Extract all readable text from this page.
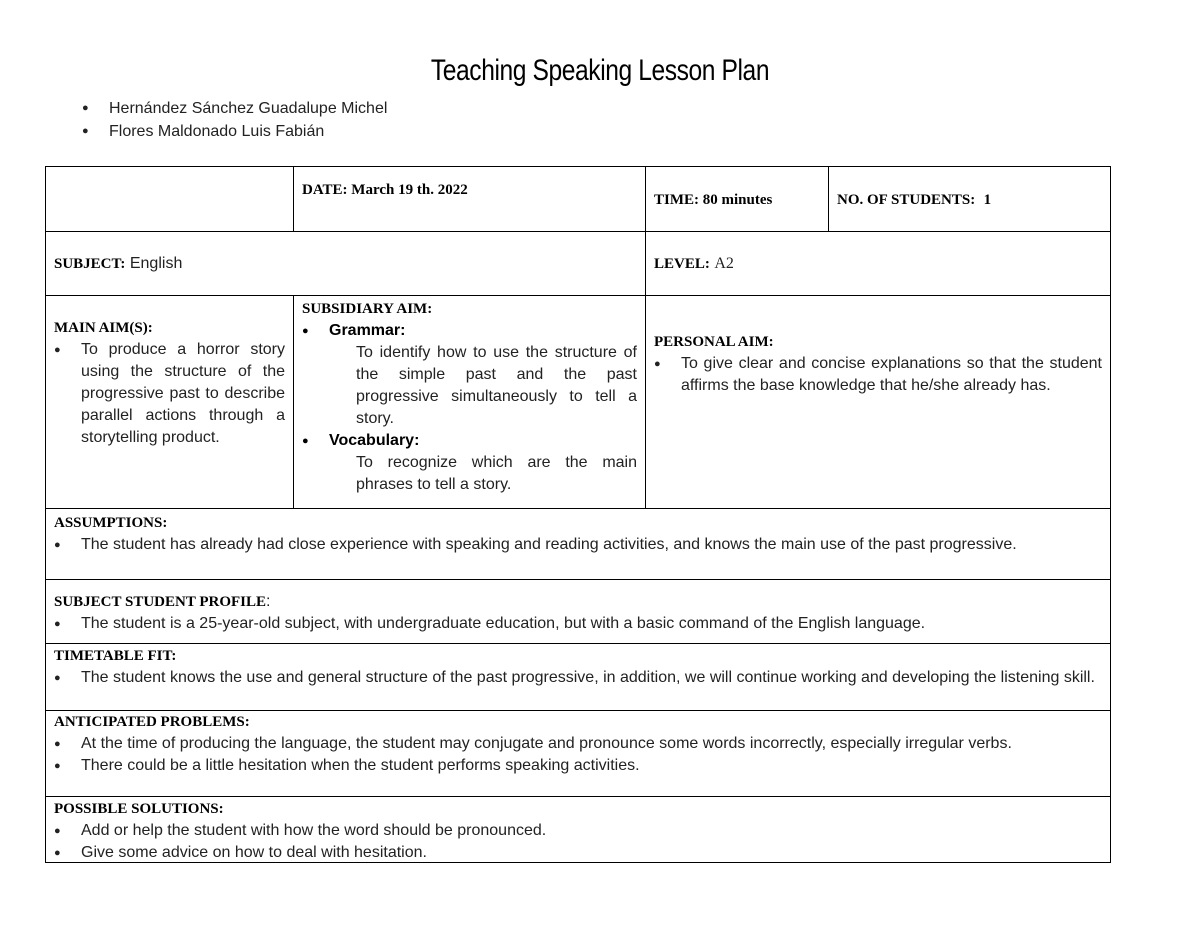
Teaching Speaking Lesson Plan
● Hernández Sánchez Guadalupe Michel
● Flores Maldonado Luis Fabián
DATE: March 19 th. 2022
TIME: 80 minutes	NO. OF STUDENTS: 1
SUBJECT: English	LEVEL: A2
MAIN AIM(S):
● To produce a horror story using the structure of the progressive past to describe parallel actions through a storytelling product.
SUBSIDIARY AIM:
● Grammar:
To identify how to use the structure of the simple past and the past progressive simultaneously to tell a story.
● Vocabulary:
To recognize which are the main phrases to tell a story.
PERSONAL AIM:
● To give clear and concise explanations so that the student affirms the base knowledge that he/she already has.
ASSUMPTIONS:
● The student has already had close experience with speaking and reading activities, and knows the main use of the past progressive.
SUBJECT STUDENT PROFILE:
● The student is a 25-year-old subject, with undergraduate education, but with a basic command of the English language.
TIMETABLE FIT:
● The student knows the use and general structure of the past progressive, in addition, we will continue working and developing the listening skill.
ANTICIPATED PROBLEMS:
● At the time of producing the language, the student may conjugate and pronounce some words incorrectly, especially irregular verbs.
● There could be a little hesitation when the student performs speaking activities.
POSSIBLE SOLUTIONS:
● Add or help the student with how the word should be pronounced.
● Give some advice on how to deal with hesitation.
